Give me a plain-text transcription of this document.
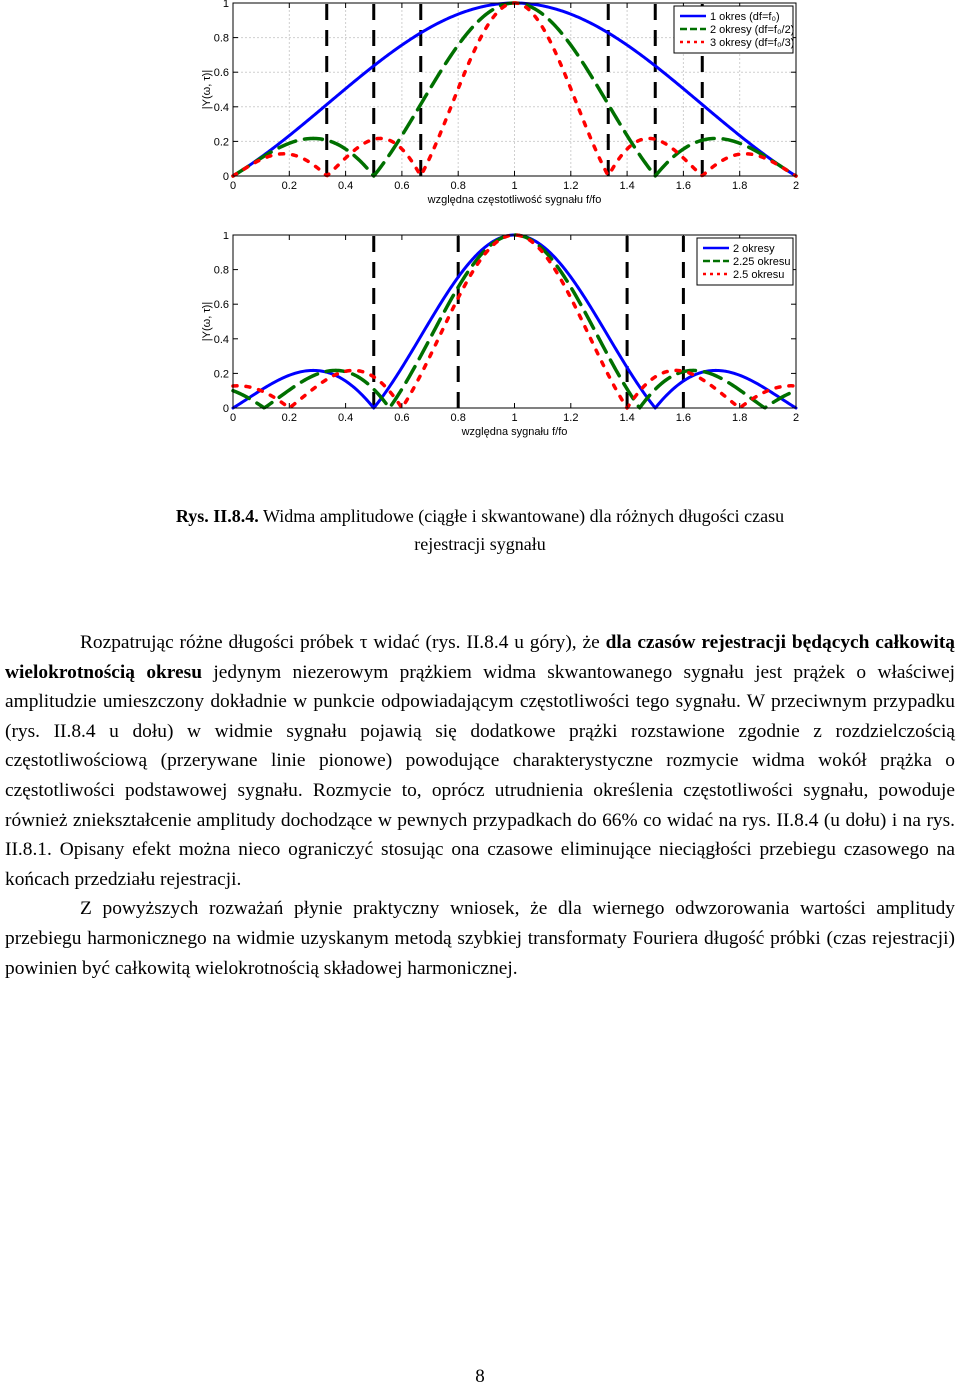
0	0.2	0.4	0.6	0.8	1	1.2	1.4	1.6	1.8	2
0
0.2
0.4
0.6
0.8
1
względna częstotliwość sygnału f/fo
|Y(ω, τ)|
1 okres (df=f₀)
2 okresy (df=f₀/2)
3 okresy (df=f₀/3)
0	0.2	0.4	0.6	0.8	1	1.2	1.4	1.6	1.8	2
0
0.2
0.4
0.6
0.8
1
względna sygnału f/fo
|Y(ω, τ)|
2 okresy
2.25 okresu
2.5 okresu
Rys. II.8.4. Widma amplitudowe (ciągłe i skwantowane) dla różnych długości czasu
rejestracji sygnału

Rozpatrując różne długości próbek τ widać (rys. II.8.4 u góry), że dla czasów rejestracji będących całkowitą wielokrotnością okresu jedynym niezerowym prążkiem widma skwantowanego sygnału jest prążek o właściwej amplitudzie umieszczony dokładnie w punkcie odpowiadającym częstotliwości tego sygnału. W przeciwnym przypadku (rys. II.8.4 u dołu) w widmie sygnału pojawią się dodatkowe prążki rozstawione zgodnie z rozdzielczością częstotliwościową (przerywane linie pionowe) powodujące charakterystyczne rozmycie widma wokół prążka o częstotliwości podstawowej sygnału. Rozmycie to, oprócz utrudnienia określenia częstotliwości sygnału, powoduje również zniekształcenie amplitudy dochodzące w pewnych przypadkach do 66% co widać na rys. II.8.4 (u dołu) i na rys. II.8.1. Opisany efekt można nieco ograniczyć stosując ona czasowe eliminujące nieciągłości przebiegu czasowego na końcach przedziału rejestracji.

Z powyższych rozważań płynie praktyczny wniosek, że dla wiernego odwzorowania wartości amplitudy przebiegu harmonicznego na widmie uzyskanym metodą szybkiej transformaty Fouriera długość próbki (czas rejestracji) powinien być całkowitą wielokrotnością składowej harmonicznej.

8
